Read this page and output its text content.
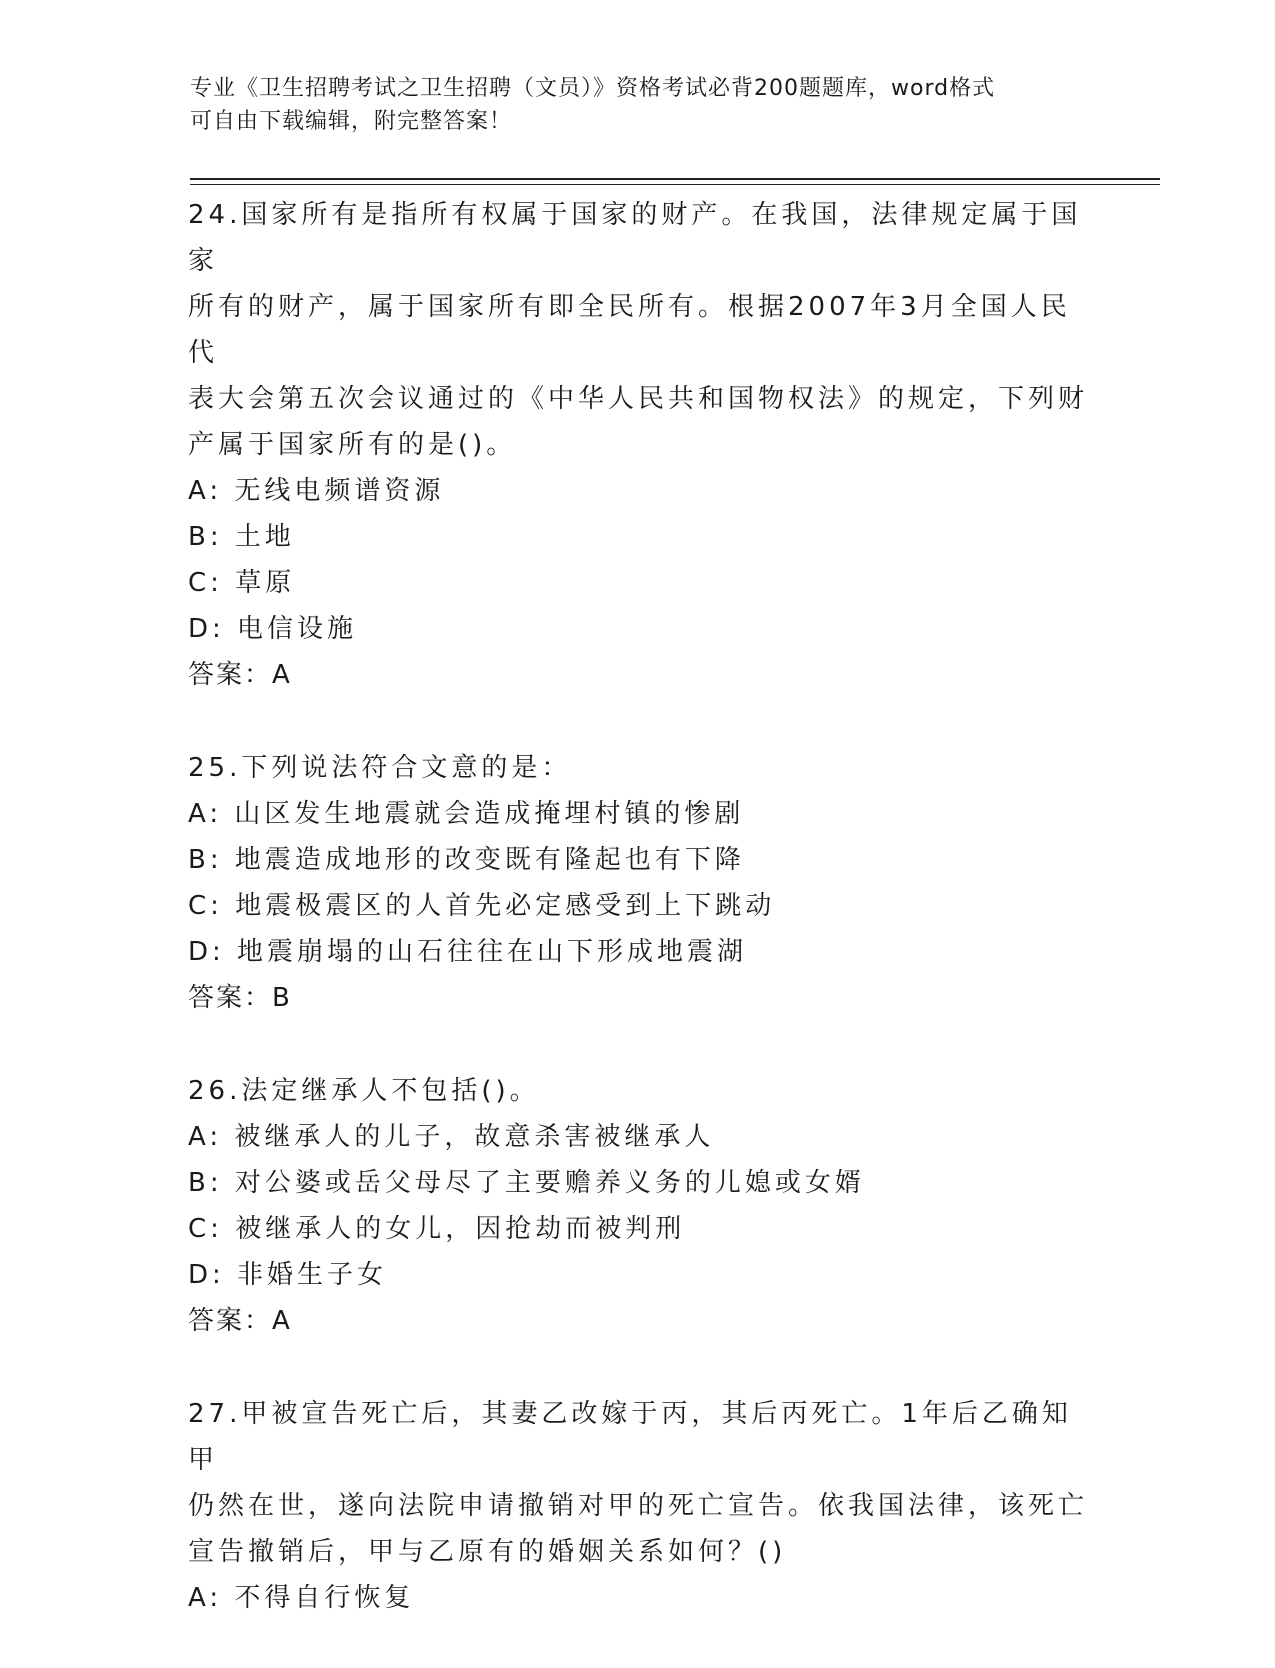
专业《卫生招聘考试之卫生招聘（文员）》资格考试必背200题题库，word格式
可自由下载编辑，附完整答案！
24.国家所有是指所有权属于国家的财产。在我国，法律规定属于国家
所有的财产，属于国家所有即全民所有。根据2007年3月全国人民代
表大会第五次会议通过的《中华人民共和国物权法》的规定，下列财
产属于国家所有的是()。
A: 无线电频谱资源
B: 土地
C: 草原
D: 电信设施
答案：A
25.下列说法符合文意的是：
A: 山区发生地震就会造成掩埋村镇的惨剧
B: 地震造成地形的改变既有隆起也有下降
C: 地震极震区的人首先必定感受到上下跳动
D: 地震崩塌的山石往往在山下形成地震湖
答案：B
26.法定继承人不包括()。
A: 被继承人的儿子，故意杀害被继承人
B: 对公婆或岳父母尽了主要赡养义务的儿媳或女婿
C: 被继承人的女儿，因抢劫而被判刑
D: 非婚生子女
答案：A
27.甲被宣告死亡后，其妻乙改嫁于丙，其后丙死亡。1年后乙确知甲
仍然在世，遂向法院申请撤销对甲的死亡宣告。依我国法律，该死亡
宣告撤销后，甲与乙原有的婚姻关系如何？()
A: 不得自行恢复
